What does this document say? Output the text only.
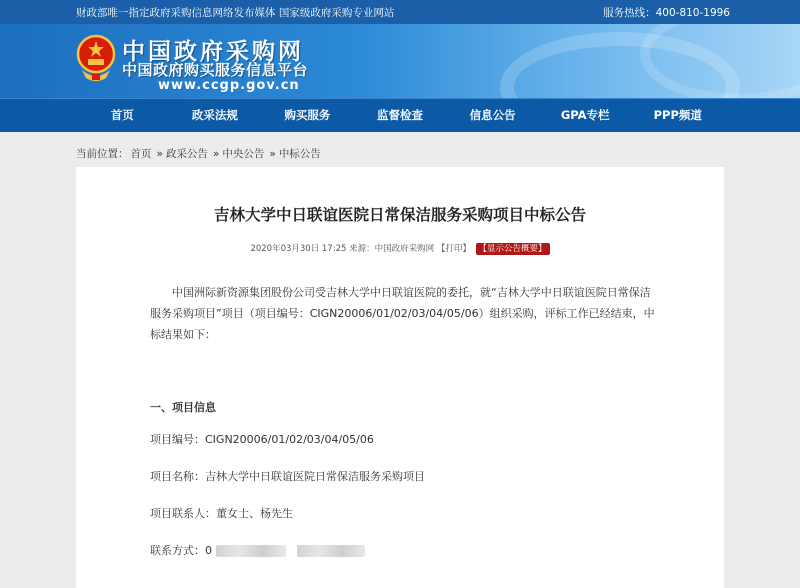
财政部唯一指定政府采购信息网络发布媒体 国家级政府采购专业网站	服务热线：400-810-1996
中国政府采购网
中国政府购买服务信息平台
www.ccgp.gov.cn
首页	政采法规	购买服务	监督检查	信息公告	GPA专栏	PPP频道
当前位置： 首页 » 政采公告 » 中央公告 » 中标公告
吉林大学中日联谊医院日常保洁服务采购项目中标公告
2020年03月30日 17:25 来源：中国政府采购网 【打印】 【显示公告概要】
中国洲际新资源集团股份公司受吉林大学中日联谊医院的委托，就“吉林大学中日联谊医院日常保洁服务采购项目”项目（项目编号：CIGN20006/01/02/03/04/05/06）组织采购，评标工作已经结束，中标结果如下：
一、项目信息
项目编号：CIGN20006/01/02/03/04/05/06
项目名称：吉林大学中日联谊医院日常保洁服务采购项目
项目联系人：董女士、杨先生
联系方式：0
